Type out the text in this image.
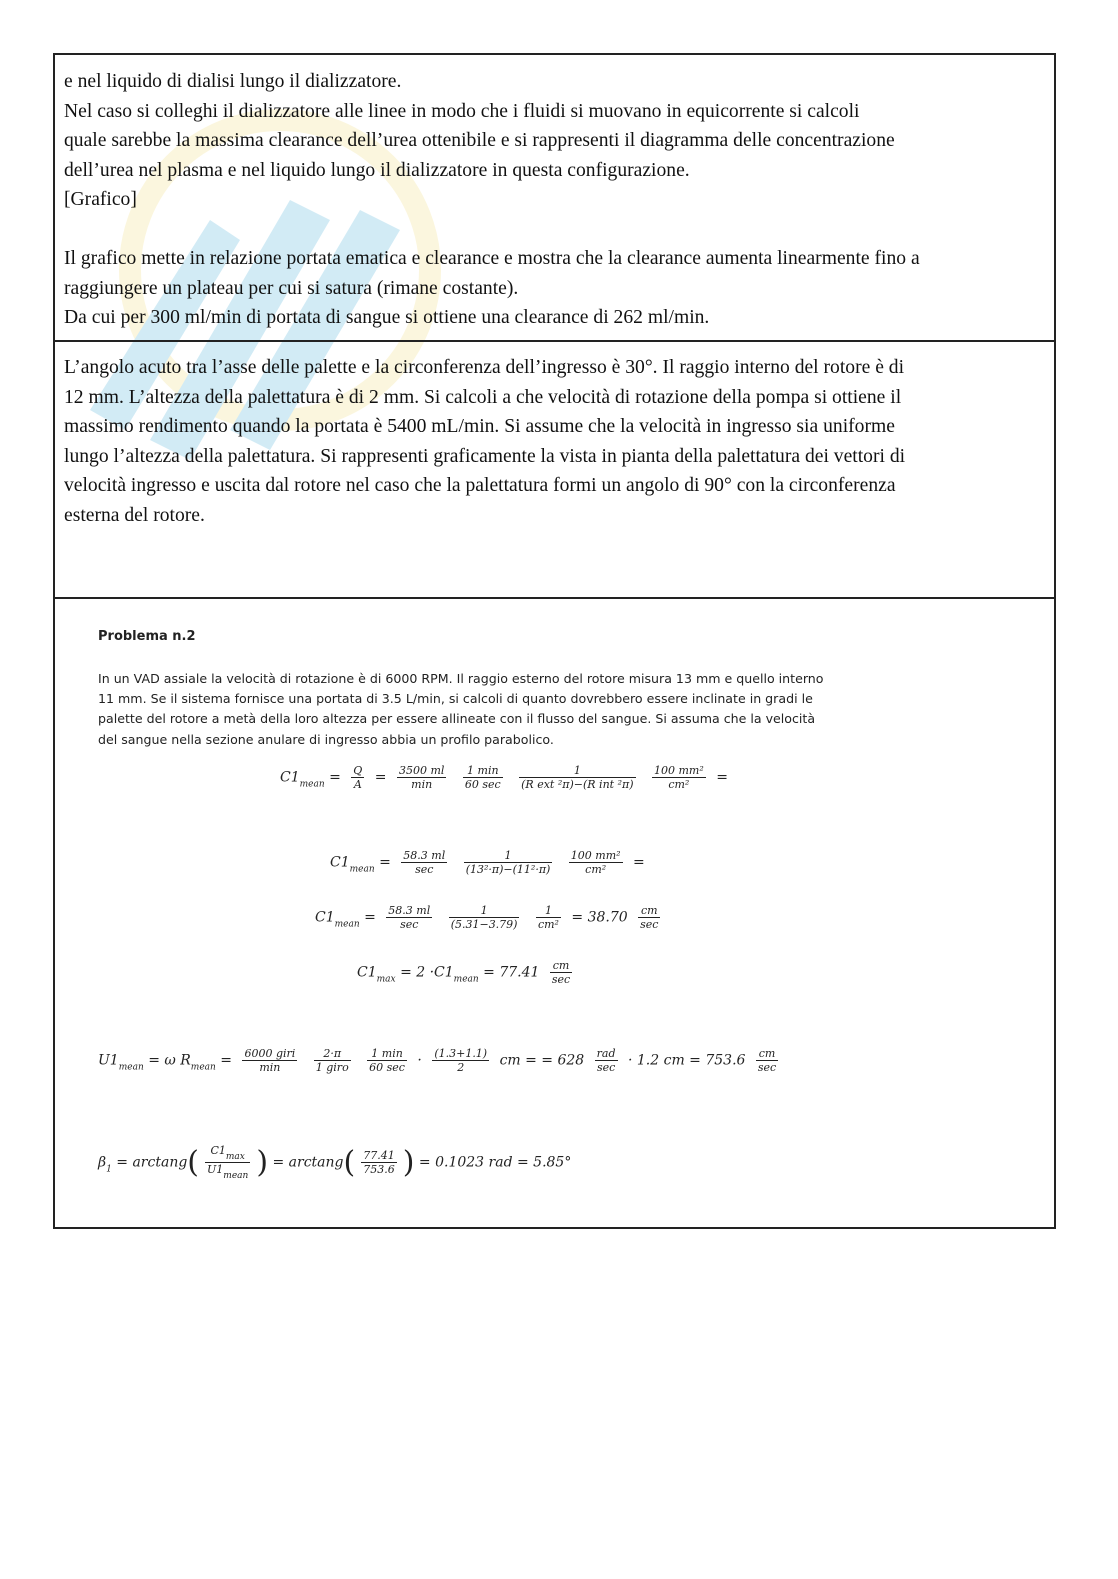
e nel liquido di dialisi lungo il dializzatore.

Nel caso si colleghi il dializzatore alle linee in modo che i fluidi si muovano in equicorrente si calcoli

quale sarebbe la massima clearance dell’urea ottenibile e si rappresenti il diagramma delle concentrazione

dell’urea nel plasma e nel liquido lungo il dializzatore in questa configurazione.

[Grafico]

Il grafico mette in relazione portata ematica e clearance e mostra che la clearance aumenta linearmente fino a

raggiungere un plateau per cui si satura (rimane costante).

Da cui per 300 ml/min di portata di sangue si ottiene una clearance di 262 ml/min.

L’angolo acuto tra l’asse delle palette e la circonferenza dell’ingresso è 30°. Il raggio interno del rotore è di

12 mm. L’altezza della palettatura è di 2 mm. Si calcoli a che velocità di rotazione della pompa si ottiene il

massimo rendimento quando la portata è 5400 mL/min. Si assume che la velocità in ingresso sia uniforme

lungo l’altezza della palettatura. Si rappresenti graficamente la vista in pianta della palettatura dei vettori di

velocità ingresso e uscita dal rotore nel caso che la palettatura formi un angolo di 90° con la circonferenza

esterna del rotore.

Problema n.2
In un VAD assiale la velocità di rotazione è di 6000 RPM. Il raggio esterno del rotore misura 13 mm e quello interno
11 mm. Se il sistema fornisce una portata di 3.5 L/min, si calcoli di quanto dovrebbero essere inclinate in gradi le
palette del rotore a metà della loro altezza per essere allineate con il flusso del sangue. Si assuma che la velocità
del sangue nella sezione anulare di ingresso abbia un profilo parabolico.
$C1_{mean} = \frac{Q}{A} = \frac{3500 ml}{\min}$
$\frac{1 \min}{60 \sec}$
$\frac{1}{\text{(R ext ²π)−(R int ²π)}}$
$\frac{\text{100 mm²}}{\text{cm²}}$ =
$C1_{mean} = \frac{58.3 ml}{\sec}$
$\frac{1}{\text{(13²·π)−(11²·π)}}$
$\frac{\text{100 mm²}}{\text{cm²}}$ =
$C1_{mean} = \frac{58.3 ml}{\sec}$
$\frac{1}{(5.31-3.79)}$
$\frac{1}{\text{cm²}} = 38.70 \frac{cm}{\sec}$
$C1_{max} = 2 \cdot C1_{mean} = 77.41 \frac{cm}{\sec}$
$U1_{mean} = \omega$ $R_{mean} = \frac{\text{6000 giri}}{\min}$
$\frac{2\cdot\pi}{\text{1 giro}}$
$\frac{1 \min}{60 \sec} \cdot \frac{(1.3+1.1)}{2}$ cm = = $628 \frac{\text{rad}}{\sec} \cdot 1.2$ cm = $753.6 \frac{cm}{\sec}$
$\beta_1 = \arctan g( \frac{C1_{max}}{U1_{mean}}$ ) = $\arctan g( \frac{77.41}{753.6}$ ) = 0.1023 rad = 5.85°
